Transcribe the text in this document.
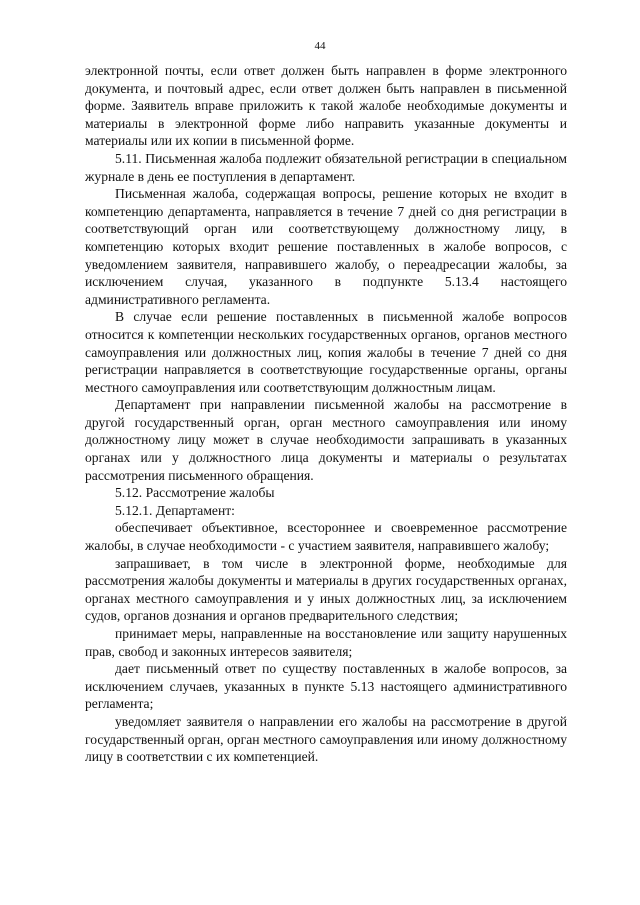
44

электронной почты, если ответ должен быть направлен в форме электронного документа, и почтовый адрес, если ответ должен быть направлен в письменной форме. Заявитель вправе приложить к такой жалобе необходимые документы и материалы в электронной форме либо направить указанные документы и материалы или их копии в письменной форме.

5.11. Письменная жалоба подлежит обязательной регистрации в специальном журнале в день ее поступления в департамент.

Письменная жалоба, содержащая вопросы, решение которых не входит в компетенцию департамента, направляется в течение 7 дней со дня регистрации в соответствующий орган или соответствующему должностному лицу, в компетенцию которых входит решение поставленных в жалобе вопросов, с уведомлением заявителя, направившего жалобу, о переадресации жалобы, за исключением случая, указанного в подпункте 5.13.4 настоящего административного регламента.

В случае если решение поставленных в письменной жалобе вопросов относится к компетенции нескольких государственных органов, органов местного самоуправления или должностных лиц, копия жалобы в течение 7 дней со дня регистрации направляется в соответствующие государственные органы, органы местного самоуправления или соответствующим должностным лицам.

Департамент при направлении письменной жалобы на рассмотрение в другой государственный орган, орган местного самоуправления или иному должностному лицу может в случае необходимости запрашивать в указанных органах или у должностного лица документы и материалы о результатах рассмотрения письменного обращения.

5.12. Рассмотрение жалобы

5.12.1. Департамент:

обеспечивает объективное, всестороннее и своевременное рассмотрение жалобы, в случае необходимости - с участием заявителя, направившего жалобу;

запрашивает, в том числе в электронной форме, необходимые для рассмотрения жалобы документы и материалы в других государственных органах, органах местного самоуправления и у иных должностных лиц, за исключением судов, органов дознания и органов предварительного следствия;

принимает меры, направленные на восстановление или защиту нарушенных прав, свобод и законных интересов заявителя;

дает письменный ответ по существу поставленных в жалобе вопросов, за исключением случаев, указанных в пункте 5.13 настоящего административного регламента;

уведомляет заявителя о направлении его жалобы на рассмотрение в другой государственный орган, орган местного самоуправления или иному должностному лицу в соответствии с их компетенцией.
